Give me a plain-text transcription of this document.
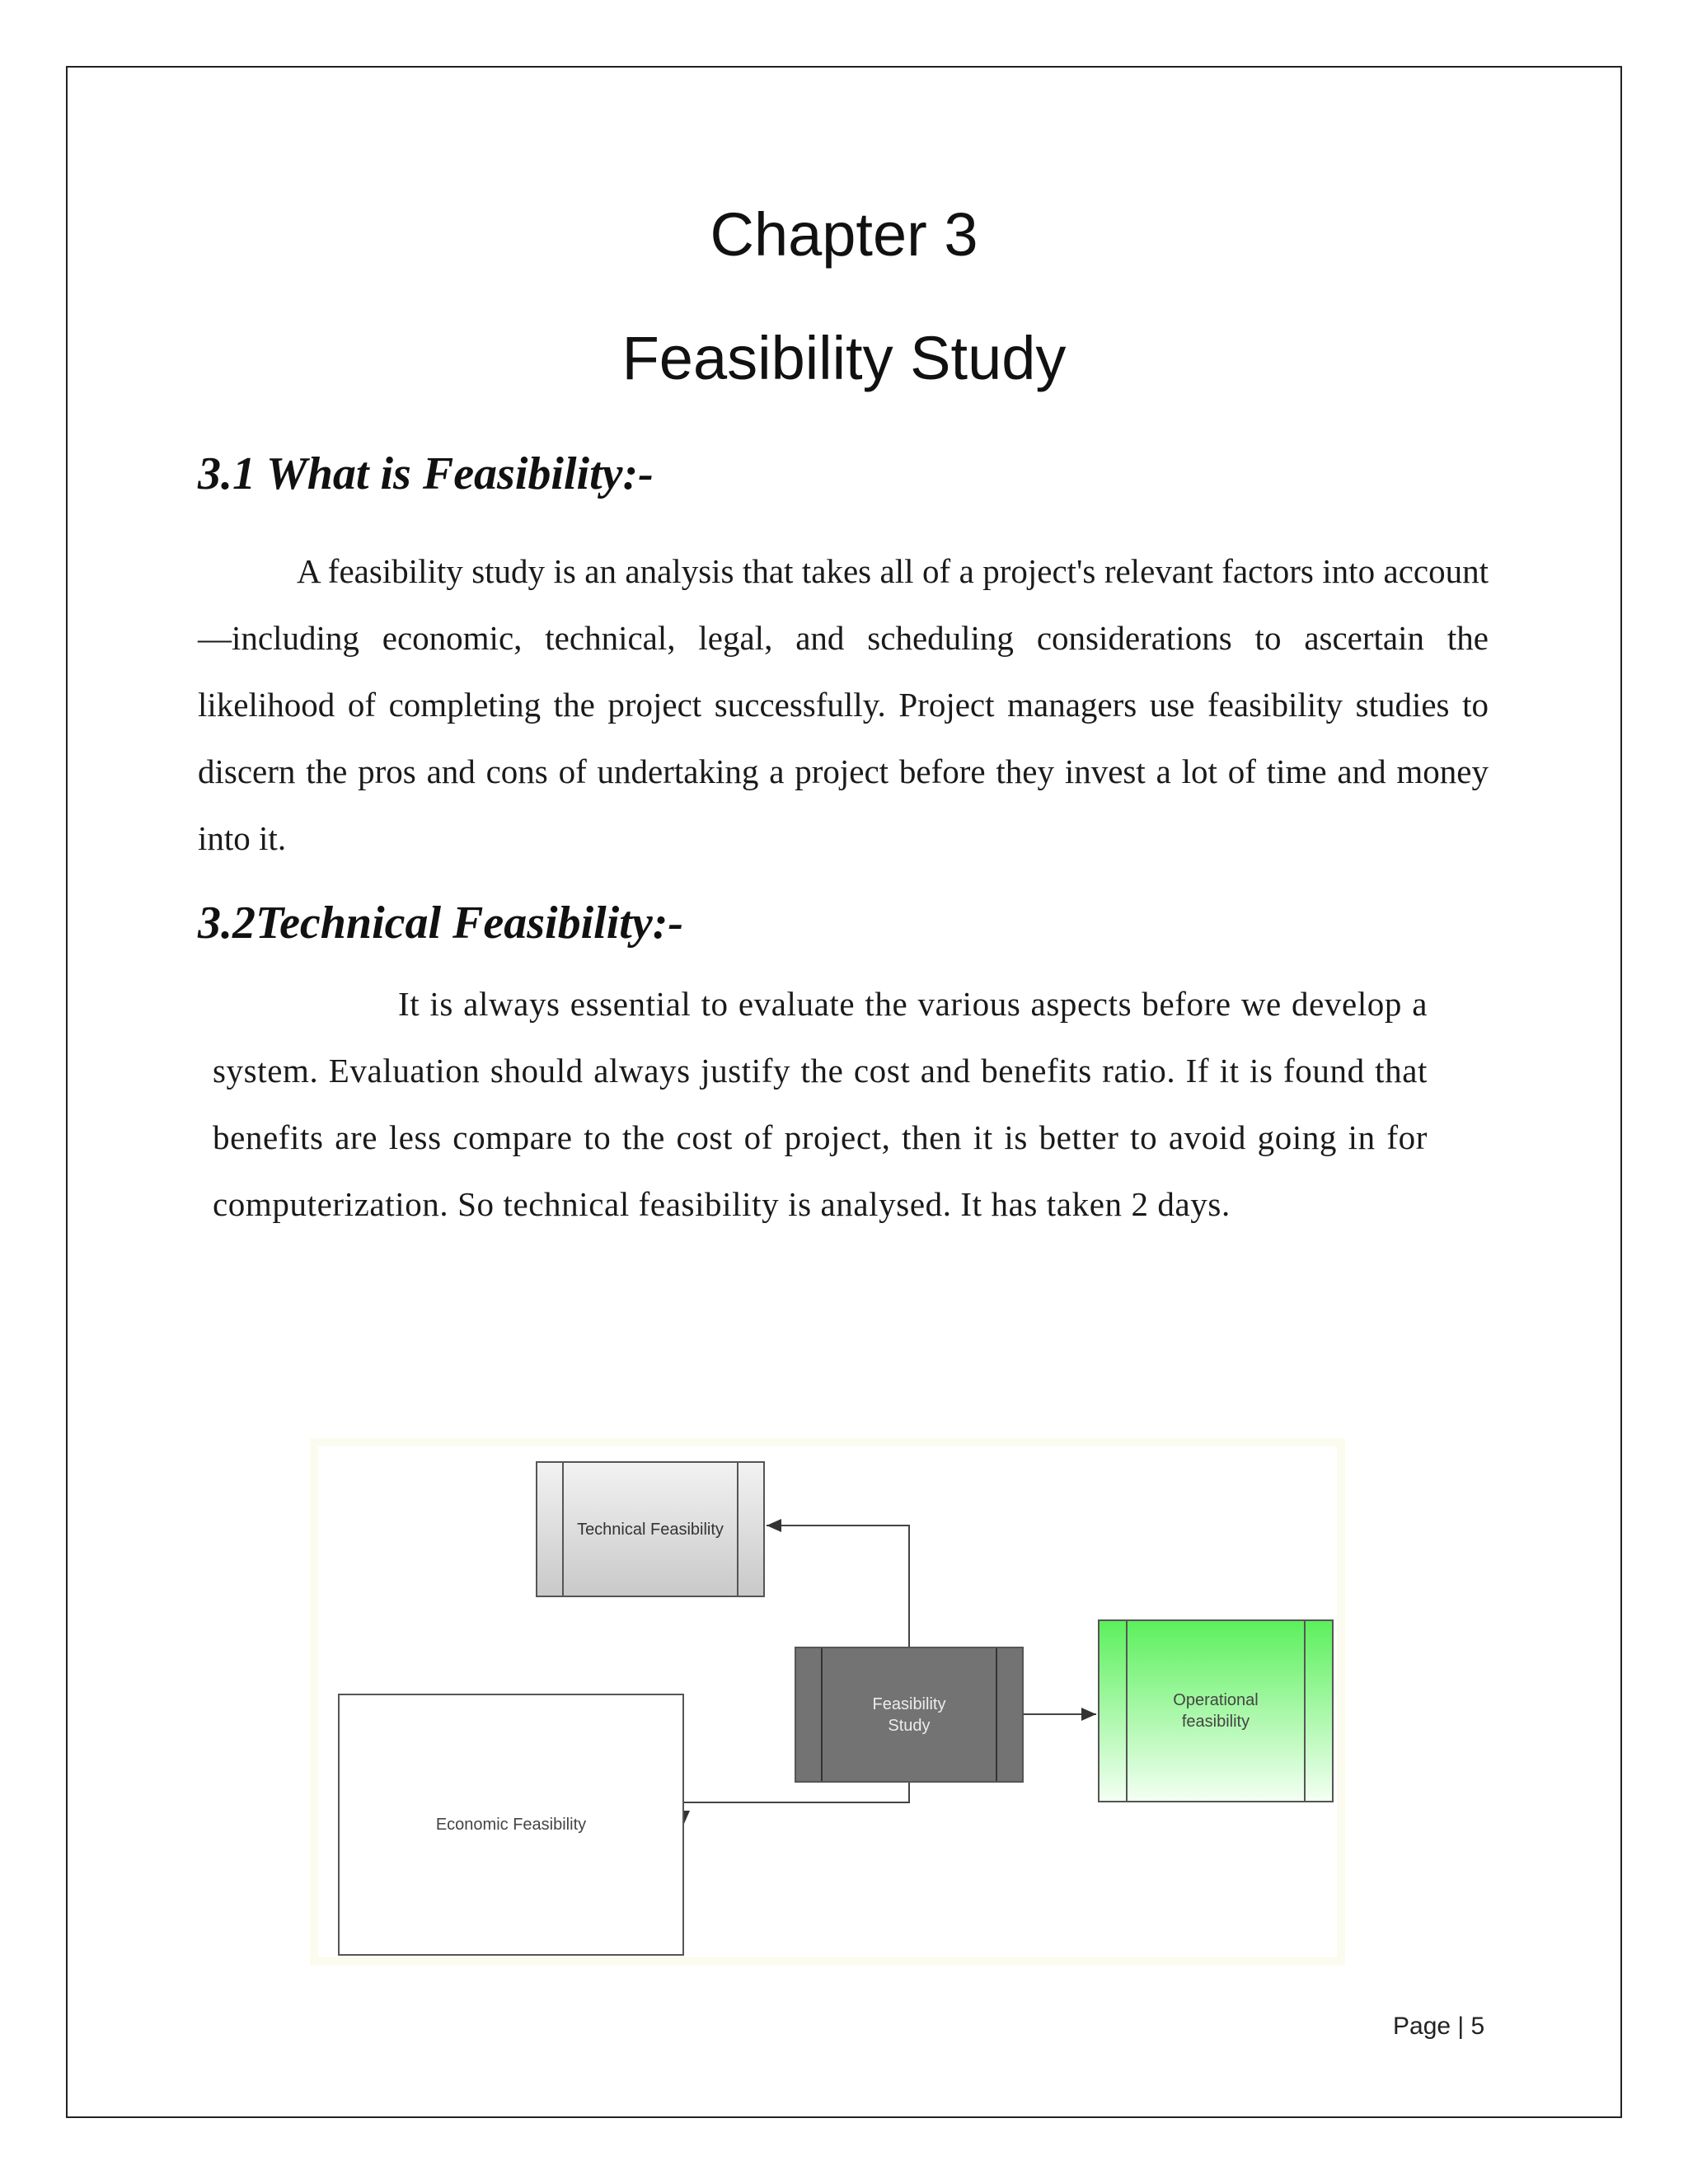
Chapter 3
Feasibility Study
3.1 What is Feasibility:-

A feasibility study is an analysis that takes all of a project's relevant factors into account—including economic, technical, legal, and scheduling considerations to ascertain the likelihood of completing the project successfully. Project managers use feasibility studies to discern the pros and cons of undertaking a project before they invest a lot of time and money into it.

3.2Technical Feasibility:-

It is always essential to evaluate the various aspects before we develop a system. Evaluation should always justify the cost and benefits ratio. If it is found that benefits are less compare to the cost of project, then it is better to avoid going in for computerization. So technical feasibility is analysed. It has taken 2 days.

Technical Feasibility
Feasibility
Study
Operational
feasibility
Economic Feasibility

Page | 5
